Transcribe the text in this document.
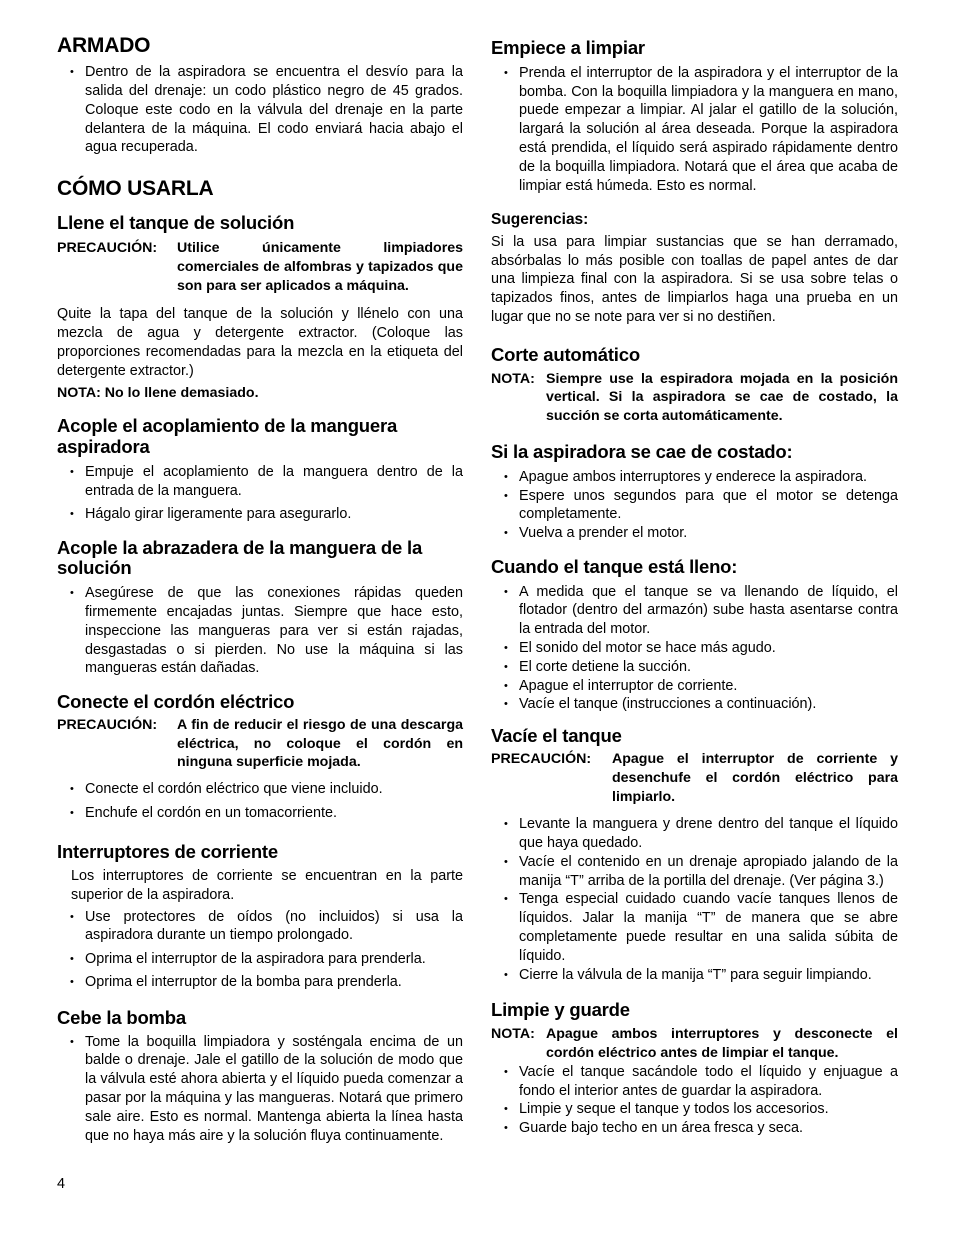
ARMADO
• Dentro de la aspiradora se encuentra el desvío para la salida del drenaje: un codo plástico negro de 45 grados. Coloque este codo en la válvula del drenaje en la parte delantera de la máquina. El codo enviará hacia abajo el agua recuperada.
CÓMO USARLA
Llene el tanque de solución
PRECAUCIÓN:	Utilice únicamente limpiadores comerciales de alfombras y tapizados que son para ser aplicados a máquina.

Quite la tapa del tanque de la solución y llénelo con una mezcla de agua y detergente extractor. (Coloque las proporciones recomendadas para la mezcla en la etiqueta del detergente extractor.)

NOTA: No lo llene demasiado.

Acople el acoplamiento de la manguera aspiradora
• Empuje el acoplamiento de la manguera dentro de la entrada de la manguera.
• Hágalo girar ligeramente para asegurarlo.
Acople la abrazadera de la manguera de la solución
• Asegúrese de que las conexiones rápidas queden firmemente encajadas juntas. Siempre que hace esto, inspeccione las mangueras para ver si están rajadas, desgastadas o si pierden. No use la máquina si las mangueras están dañadas.
Conecte el cordón eléctrico
PRECAUCIÓN:	A fin de reducir el riesgo de una descarga eléctrica, no coloque el cordón en ninguna superficie mojada.
• Conecte el cordón eléctrico que viene incluido.
• Enchufe el cordón en un tomacorriente.
Interruptores de corriente

Los interruptores de corriente se encuentran en la parte superior de la aspiradora.

• Use protectores de oídos (no incluidos) si usa la aspiradora durante un tiempo prolongado.
• Oprima el interruptor de la aspiradora para prenderla.
• Oprima el interruptor de la bomba para prenderla.
Cebe la bomba
• Tome la boquilla limpiadora y sosténgala encima de un balde o drenaje. Jale el gatillo de la solución de modo que la válvula esté ahora abierta y el líquido pueda comenzar a pasar por la máquina y las mangueras. Notará que primero sale aire. Esto es normal. Mantenga abierta la línea hasta que no haya más aire y la solución fluya continuamente.
Empiece a limpiar
• Prenda el interruptor de la aspiradora y el interruptor de la bomba. Con la boquilla limpiadora y la manguera en mano, puede empezar a limpiar. Al jalar el gatillo de la solución, largará la solución al área deseada. Porque la aspiradora está prendida, el líquido será aspirado rápidamente dentro de la boquilla limpiadora. Notará que el área que acaba de limpiar está húmeda. Esto es normal.
Sugerencias:

Si la usa para limpiar sustancias que se han derramado, absórbalas lo más posible con toallas de papel antes de dar una limpieza final con la aspiradora. Si se usa sobre telas o tapizados finos, antes de limpiarlos haga una prueba en un lugar que no se note para ver si no destiñen.

Corte automático
NOTA: Siempre use la espiradora mojada en la posición vertical. Si la aspiradora se cae de costado, la succión se corta automáticamente.
Si la aspiradora se cae de costado:
• Apague ambos interruptores y enderece la aspiradora.
• Espere unos segundos para que el motor se detenga completamente.
• Vuelva a prender el motor.
Cuando el tanque está lleno:
• A medida que el tanque se va llenando de líquido, el flotador (dentro del armazón) sube hasta asentarse contra la entrada del motor.
• El sonido del motor se hace más agudo.
• El corte detiene la succión.
• Apague el interruptor de corriente.
• Vacíe el tanque (instrucciones a continuación).
Vacíe el tanque
PRECAUCIÓN:	Apague el interruptor de corriente y desenchufe el cordón eléctrico para limpiarlo.
• Levante la manguera y drene dentro del tanque el líquido que haya quedado.
• Vacíe el contenido en un drenaje apropiado jalando de la manija “T” arriba de la portilla del drenaje. (Ver página 3.)
• Tenga especial cuidado cuando vacíe tanques llenos de líquidos. Jalar la manija “T” de manera que se abre completamente puede resultar en una salida súbita de líquido.
• Cierre la válvula de la manija “T” para seguir limpiando.
Limpie y guarde
NOTA: Apague ambos interruptores y desconecte el cordón eléctrico antes de limpiar el tanque.
• Vacíe el tanque sacándole todo el líquido y enjuague a fondo el interior antes de guardar la aspiradora.
• Limpie y seque el tanque y todos los accesorios.
• Guarde bajo techo en un área fresca y seca.
4
